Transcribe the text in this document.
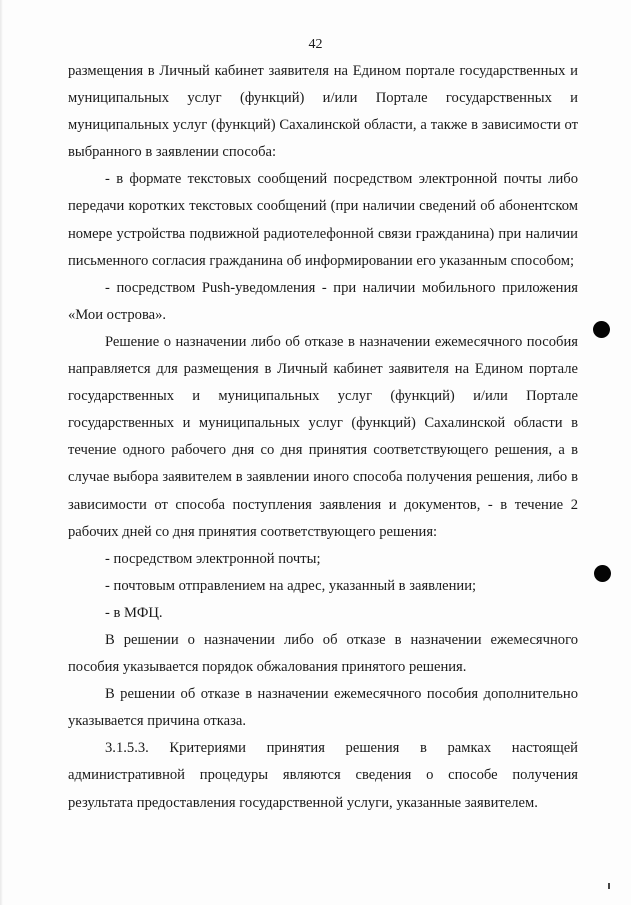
42

размещения в Личный кабинет заявителя на Едином портале государственных и муниципальных услуг (функций) и/или Портале государственных и муниципальных услуг (функций) Сахалинской области, а также в зависимости от выбранного в заявлении способа:

- в формате текстовых сообщений посредством электронной почты либо передачи коротких текстовых сообщений (при наличии сведений об абонентском номере устройства подвижной радиотелефонной связи гражданина) при наличии письменного согласия гражданина об информировании его указанным способом;

- посредством Push-уведомления - при наличии мобильного приложения «Мои острова».

Решение о назначении либо об отказе в назначении ежемесячного пособия направляется для размещения в Личный кабинет заявителя на Едином портале государственных и муниципальных услуг (функций) и/или Портале государственных и муниципальных услуг (функций) Сахалинской области в течение одного рабочего дня со дня принятия соответствующего решения, а в случае выбора заявителем в заявлении иного способа получения решения, либо в зависимости от способа поступления заявления и документов, - в течение 2 рабочих дней со дня принятия соответствующего решения:

- посредством электронной почты;

- почтовым отправлением на адрес, указанный в заявлении;

- в МФЦ.

В решении о назначении либо об отказе в назначении ежемесячного пособия указывается порядок обжалования принятого решения.

В решении об отказе в назначении ежемесячного пособия дополнительно указывается причина отказа.

3.1.5.3. Критериями принятия решения в рамках настоящей административной процедуры являются сведения о способе получения результата предоставления государственной услуги, указанные заявителем.
